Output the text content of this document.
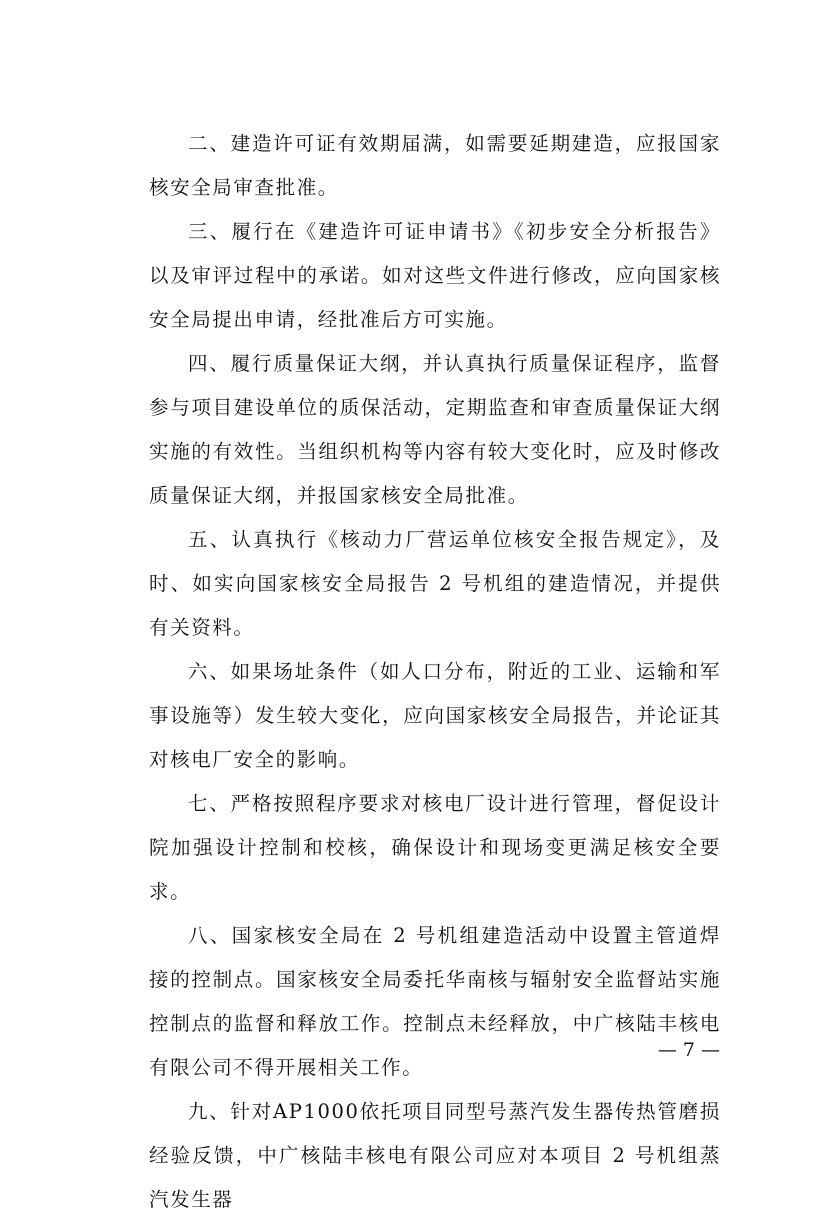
二、建造许可证有效期届满，如需要延期建造，应报国家核安全局审查批准。

三、履行在《建造许可证申请书》《初步安全分析报告》以及审评过程中的承诺。如对这些文件进行修改，应向国家核安全局提出申请，经批准后方可实施。

四、履行质量保证大纲，并认真执行质量保证程序，监督参与项目建设单位的质保活动，定期监查和审查质量保证大纲实施的有效性。当组织机构等内容有较大变化时，应及时修改质量保证大纲，并报国家核安全局批准。

五、认真执行《核动力厂营运单位核安全报告规定》，及时、如实向国家核安全局报告 2 号机组的建造情况，并提供有关资料。

六、如果场址条件（如人口分布，附近的工业、运输和军事设施等）发生较大变化，应向国家核安全局报告，并论证其对核电厂安全的影响。

七、严格按照程序要求对核电厂设计进行管理，督促设计院加强设计控制和校核，确保设计和现场变更满足核安全要求。

八、国家核安全局在 2 号机组建造活动中设置主管道焊接的控制点。国家核安全局委托华南核与辐射安全监督站实施控制点的监督和释放工作。控制点未经释放，中广核陆丰核电有限公司不得开展相关工作。

九、针对AP1000依托项目同型号蒸汽发生器传热管磨损经验反馈，中广核陆丰核电有限公司应对本项目 2 号机组蒸汽发生器

— 7 —
